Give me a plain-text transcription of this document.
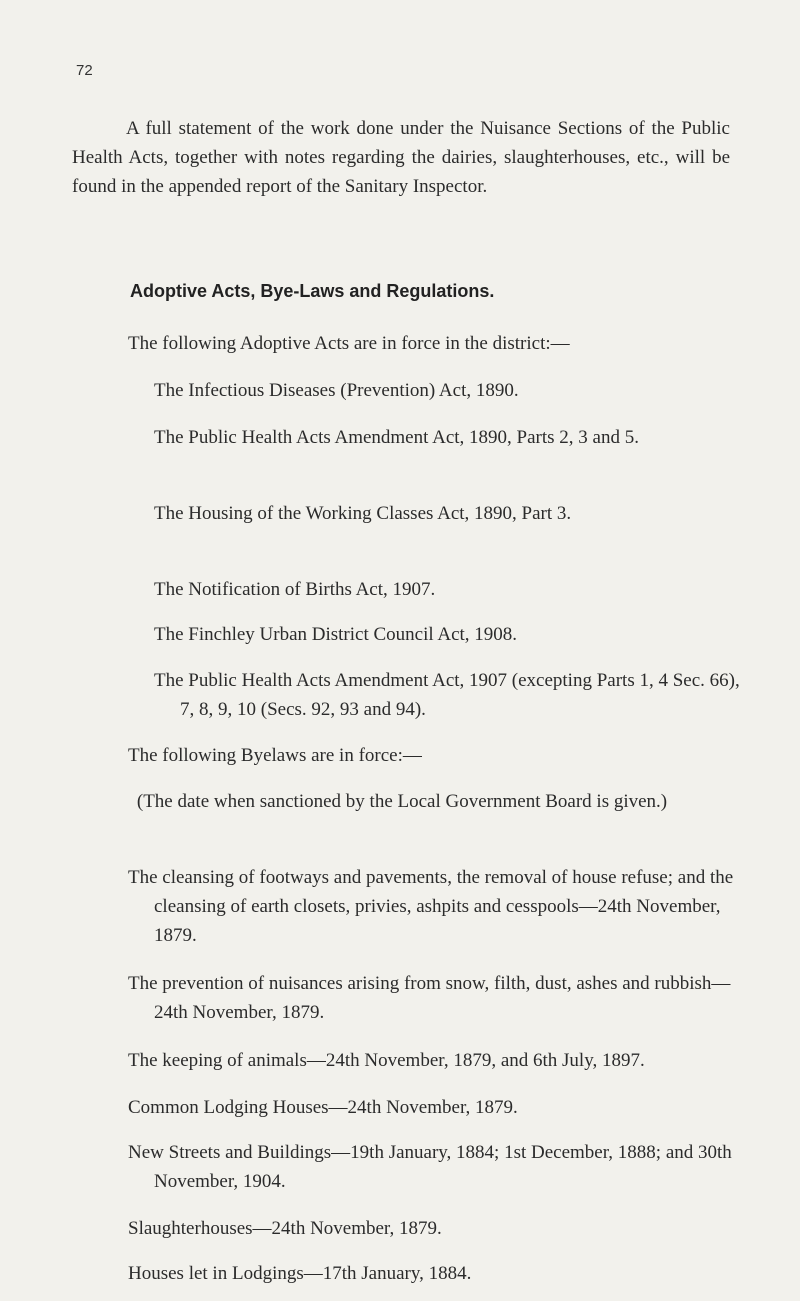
72

A full statement of the work done under the Nuisance Sections of the Public Health Acts, together with notes regarding the dairies, slaughterhouses, etc., will be found in the appended report of the Sanitary Inspector.

Adoptive Acts, Bye-Laws and Regulations.

The following Adoptive Acts are in force in the district:—

The Infectious Diseases (Prevention) Act, 1890.

The Public Health Acts Amendment Act, 1890, Parts 2, 3 and 5.

The Housing of the Working Classes Act, 1890, Part 3.

The Notification of Births Act, 1907.

The Finchley Urban District Council Act, 1908.

The Public Health Acts Amendment Act, 1907 (excepting Parts 1, 4 Sec. 66), 7, 8, 9, 10 (Secs. 92, 93 and 94).

The following Byelaws are in force:—

(The date when sanctioned by the Local Government Board is given.)

The cleansing of footways and pavements, the removal of house refuse; and the cleansing of earth closets, privies, ashpits and cesspools—24th November, 1879.

The prevention of nuisances arising from snow, filth, dust, ashes and rubbish—24th November, 1879.

The keeping of animals—24th November, 1879, and 6th July, 1897.

Common Lodging Houses—24th November, 1879.

New Streets and Buildings—19th January, 1884; 1st December, 1888; and 30th November, 1904.

Slaughterhouses—24th November, 1879.

Houses let in Lodgings—17th January, 1884.
